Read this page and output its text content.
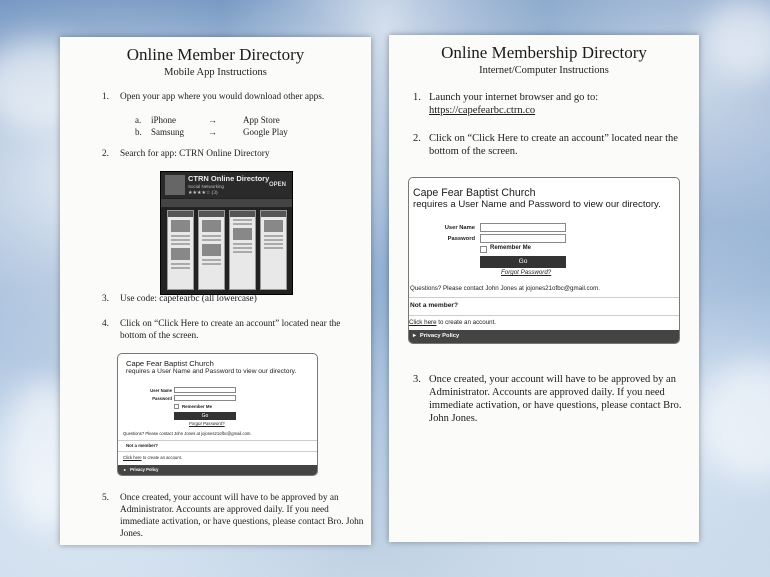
Online Member Directory
Mobile App Instructions
1. Open your app where you would download other apps.
a.	iPhone	→	App Store
b.	Samsung	→	Google Play
2. Search for app: CTRN Online Directory
CTRN Online Directory
Social Networking
★★★★☆ (3)
OPEN
3. Use code: capefearbc (all lowercase)
4. Click on “Click Here to create an account” located near the bottom of the screen.
Cape Fear Baptist Church
requires a User Name and Password to view our directory.
User Name
Password
Remember Me
Go
Forgot Password?
Questions? Please contact John Jones at jojones21ofbc@gmail.com.
Not a member?
Click here to create an account.
▸ Privacy Policy
5. Once created, your account will have to be approved by an Administrator. Accounts are approved daily. If you need immediate activation, or have questions, please contact Bro. John Jones.
Online Membership Directory
Internet/Computer Instructions
1. Launch your internet browser and go to:
https://capefearbc.ctrn.co
2. Click on “Click Here to create an account” located near the bottom of the screen.
Cape Fear Baptist Church
requires a User Name and Password to view our directory.
User Name
Password
Remember Me
Go
Forgot Password?
Questions? Please contact John Jones at jojones21ofbc@gmail.com.
Not a member?
Click here to create an account.
▸ Privacy Policy
3. Once created, your account will have to be approved by an Administrator. Accounts are approved daily. If you need immediate activation, or have questions, please contact Bro. John Jones.
